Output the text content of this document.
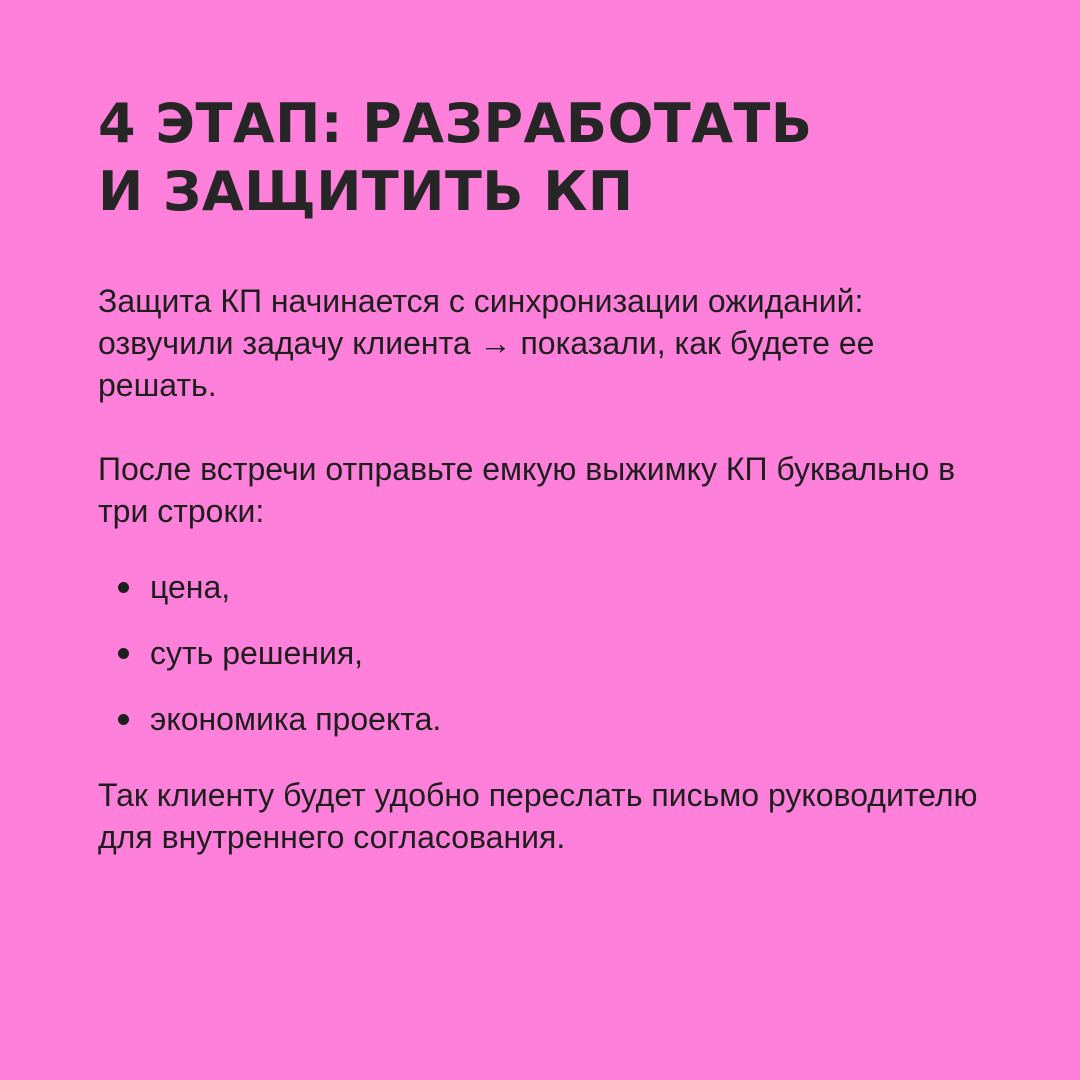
4 ЭТАП: РАЗРАБОТАТЬ
И ЗАЩИТИТЬ КП

Защита КП начинается с синхронизации ожиданий: озвучили задачу клиента → показали, как будете ее решать.

После встречи отправьте емкую выжимку КП буквально в три строки:

цена,
суть решения,
экономика проекта.

Так клиенту будет удобно переслать письмо руководителю для внутреннего согласования.
